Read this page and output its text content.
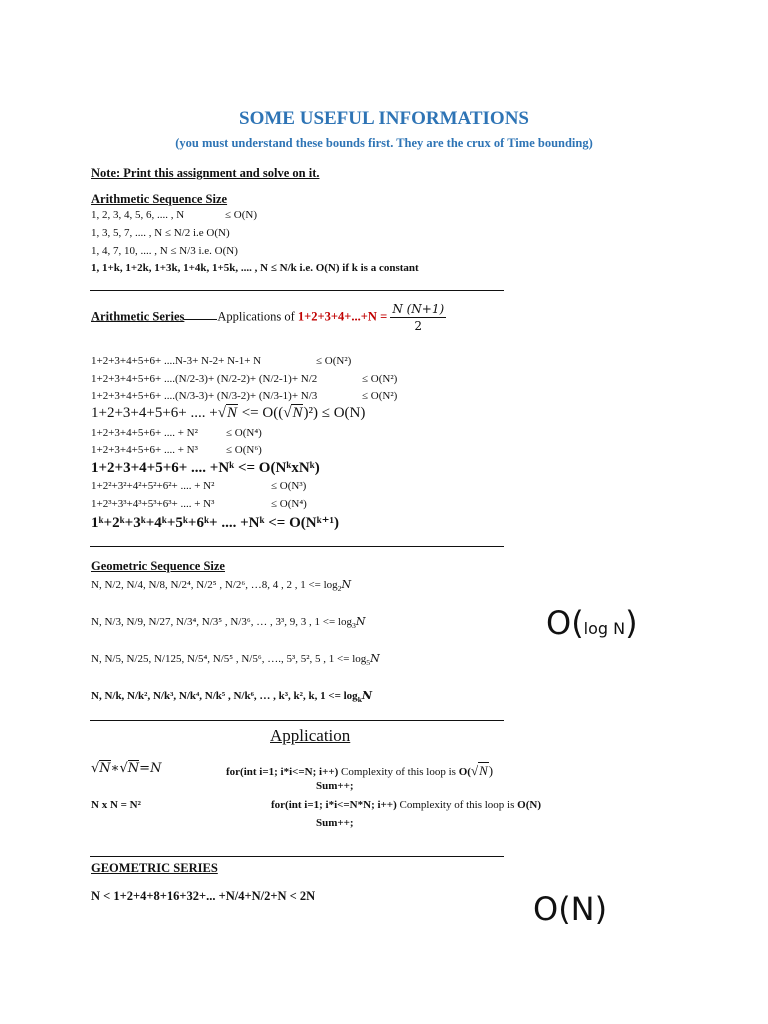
SOME USEFUL INFORMATIONS
(you must understand these bounds first. They are the crux of Time bounding)
Note: Print this assignment and solve on it.
Arithmetic Sequence Size
1, 2, 3, 4, 5, 6, .... , N	≤ O(N)
1, 3, 5, 7, .... , N ≤ N/2 i.e O(N)
1, 4, 7, 10, .... , N ≤ N/3 i.e. O(N)
1, 1+k, 1+2k, 1+3k, 1+4k, 1+5k, .... , N ≤ N/k i.e. O(N) if k is a constant
Arithmetic Series	Applications of $1+2+3+4+...+N = \frac{N (N+1)}{2}$
1+2+3+4+5+6+ ....N-3+ N-2+ N-1+ N	≤ O(N²)
1+2+3+4+5+6+ ....(N/2-3)+ (N/2-2)+ (N/2-1)+ N/2	≤ O(N²)
1+2+3+4+5+6+ ....(N/3-3)+ (N/3-2)+ (N/3-1)+ N/3	≤ O(N²)
1+2+3+4+5+6+ .... +√N <= O((√N)²) ≤ O(N)
1+2+3+4+5+6+ .... + N²	≤ O(N⁴)
1+2+3+4+5+6+ .... + N³	≤ O(N⁶)
1+2+3+4+5+6+ .... +Nᵏ <= O(NᵏxNᵏ)
1+2²+3²+4²+5²+6²+ .... + N²	≤ O(N³)
1+2³+3³+4³+5³+6³+ .... + N³	≤ O(N⁴)
1ᵏ+2ᵏ+3ᵏ+4ᵏ+5ᵏ+6ᵏ+ .... +Nᵏ <= O(Nᵏ⁺¹)
Geometric Sequence Size
N, N/2, N/4, N/8, N/2⁴, N/2⁵ , N/2⁶, …8, 4 , 2 , $1 <= \log_2N$
N, N/3, N/9, N/27, N/3⁴, N/3⁵ , N/3⁶, … , 3³, 9, 3 , $1 <= \log_3N$
N, N/5, N/25, N/125, N/5⁴, N/5⁵ , N/5⁶, …., 5³, 5², 5 , $1 <= \log_5N$
N, N/k, N/k², N/k³, N/k⁴, N/k⁵ , N/k⁶, … , k³, k², k, $1 <= \log_kN$
O(log N)
Application
√N∗√N=N	for(int i=1; i*i<=N; i++) Complexity of this loop is O(√N)
Sum++;
N x N = N²	for(int i=1; i*i<=N*N; i++) Complexity of this loop is O(N)
Sum++;
GEOMETRIC SERIES
N < 1+2+4+8+16+32+... +N/4+N/2+N < 2N	O(N)
